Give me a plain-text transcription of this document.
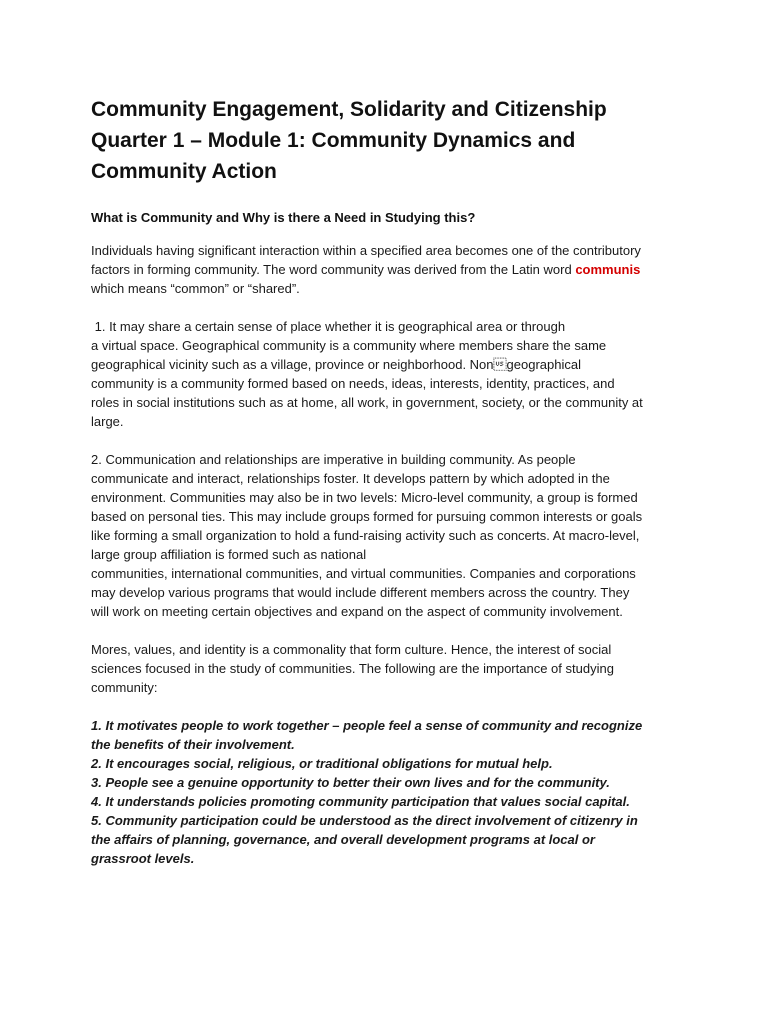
Community Engagement, Solidarity and Citizenship
Quarter 1 – Module 1: Community Dynamics and
Community Action
What is Community and Why is there a Need in Studying this?

Individuals having significant interaction within a specified area becomes one of the contributory
factors in forming community. The word community was derived from the Latin word communis
which means “common” or “shared”.

1. It may share a certain sense of place whether it is geographical area or through
a virtual space. Geographical community is a community where members share the same
geographical vicinity such as a village, province or neighborhood. Nongeographical
community is a community formed based on needs, ideas, interests, identity, practices, and
roles in social institutions such as at home, all work, in government, society, or the community at
large.

2. Communication and relationships are imperative in building community. As people
communicate and interact, relationships foster. It develops pattern by which adopted in the
environment. Communities may also be in two levels: Micro-level community, a group is formed
based on personal ties. This may include groups formed for pursuing common interests or goals
like forming a small organization to hold a fund-raising activity such as concerts. At macro-level,
large group affiliation is formed such as national
communities, international communities, and virtual communities. Companies and corporations
may develop various programs that would include different members across the country. They
will work on meeting certain objectives and expand on the aspect of community involvement.

Mores, values, and identity is a commonality that form culture. Hence, the interest of social
sciences focused in the study of communities. The following are the importance of studying
community:

1. It motivates people to work together – people feel a sense of community and recognize
the benefits of their involvement.
2. It encourages social, religious, or traditional obligations for mutual help.
3. People see a genuine opportunity to better their own lives and for the community.
4. It understands policies promoting community participation that values social capital.
5. Community participation could be understood as the direct involvement of citizenry in
the affairs of planning, governance, and overall development programs at local or
grassroot levels.
